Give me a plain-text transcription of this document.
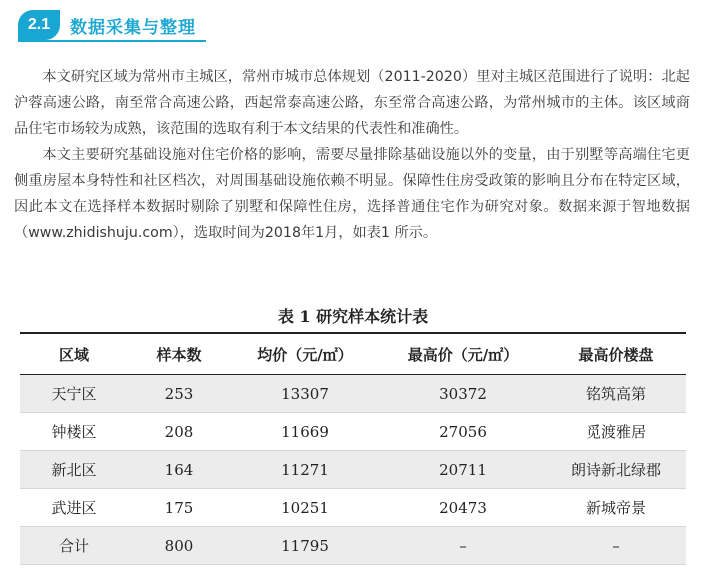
2.1	数据采集与整理

本文研究区域为常州市主城区，常州市城市总体规划（2011-2020）里对主城区范围进行了说明：北起沪蓉高速公路，南至常合高速公路，西起常泰高速公路，东至常合高速公路，为常州城市的主体。该区域商品住宅市场较为成熟，该范围的选取有利于本文结果的代表性和准确性。

本文主要研究基础设施对住宅价格的影响，需要尽量排除基础设施以外的变量，由于别墅等高端住宅更侧重房屋本身特性和社区档次，对周围基础设施依赖不明显。保障性住房受政策的影响且分布在特定区域，因此本文在选择样本数据时剔除了别墅和保障性住房，选择普通住宅作为研究对象。数据来源于智地数据（www.zhidishuju.com），选取时间为2018年1月，如表1 所示。

表 1 研究样本统计表
区域	样本数	均价（元/㎡）	最高价（元/㎡）	最高价楼盘
天宁区	253	13307	30372	铭筑高第
钟楼区	208	11669	27056	觅渡雅居
新北区	164	11271	20711	朗诗新北绿郡
武进区	175	10251	20473	新城帝景
合计	800	11795	–	–
